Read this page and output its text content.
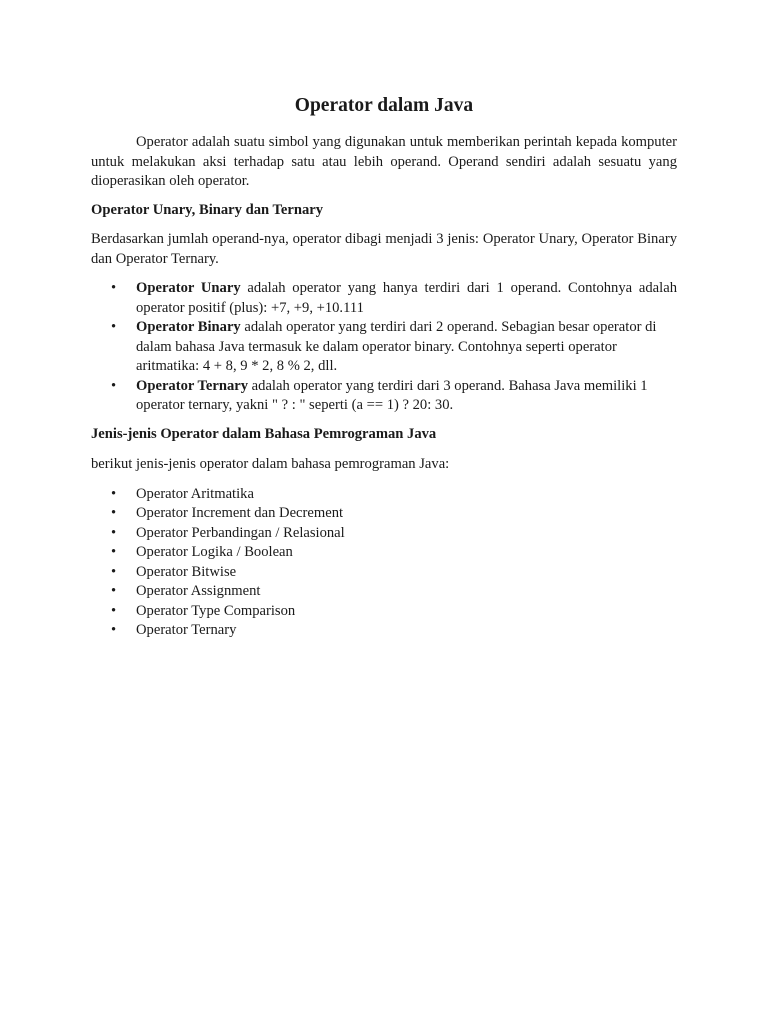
Operator dalam Java

Operator adalah suatu simbol yang digunakan untuk memberikan perintah kepada komputer untuk melakukan aksi terhadap satu atau lebih operand. Operand sendiri adalah sesuatu yang dioperasikan oleh operator.

Operator Unary, Binary dan Ternary

Berdasarkan jumlah operand-nya, operator dibagi menjadi 3 jenis: Operator Unary, Operator Binary dan Operator Ternary.

• Operator Unary adalah operator yang hanya terdiri dari 1 operand. Contohnya adalah operator positif (plus): +7, +9, +10.111
• Operator Binary adalah operator yang terdiri dari 2 operand. Sebagian besar operator di dalam bahasa Java termasuk ke dalam operator binary. Contohnya seperti operator aritmatika: 4 + 8, 9 * 2, 8 % 2, dll.
• Operator Ternary adalah operator yang terdiri dari 3 operand. Bahasa Java memiliki 1 operator ternary, yakni " ? : " seperti (a == 1) ? 20: 30.

Jenis-jenis Operator dalam Bahasa Pemrograman Java

berikut jenis-jenis operator dalam bahasa pemrograman Java:

• Operator Aritmatika
• Operator Increment dan Decrement
• Operator Perbandingan / Relasional
• Operator Logika / Boolean
• Operator Bitwise
• Operator Assignment
• Operator Type Comparison
• Operator Ternary
